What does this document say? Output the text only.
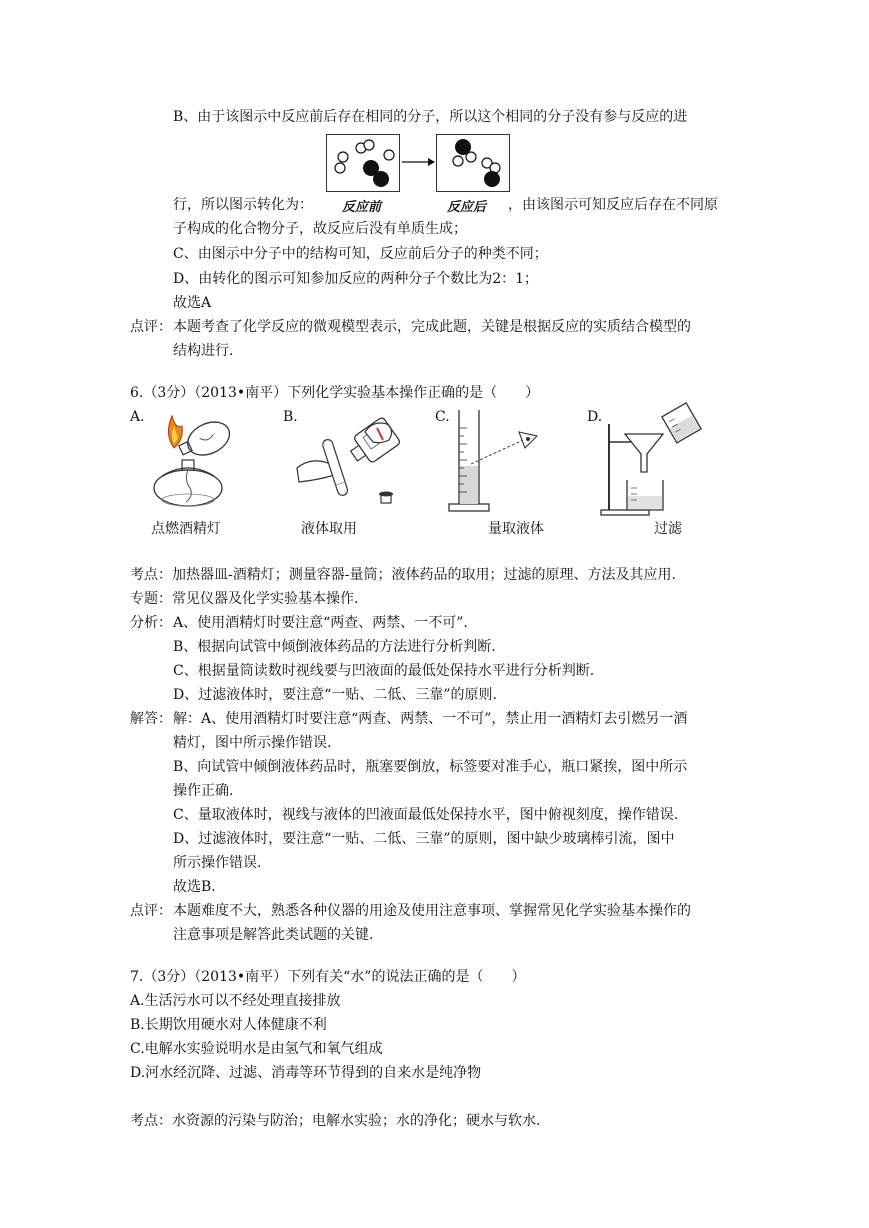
B、由于该图示中反应前后存在相同的分子，所以这个相同的分子没有参与反应的进
行，所以图示转化为： 反应前	反应后 ，由该图示可知反应后存在不同原
子构成的化合物分子，故反应后没有单质生成；
C、由图示中分子中的结构可知，反应前后分子的种类不同；
D、由转化的图示可知参加反应的两种分子个数比为2：1；
故选A
点评： 本题考查了化学反应的微观模型表示，完成此题，关键是根据反应的实质结合模型的
结构进行.
6.（3分）（2013•南平）下列化学实验基本操作正确的是（　　）
A.	B.	C.	D.
点燃酒精灯	液体取用	量取液体	过滤
考点：加热器皿-酒精灯；测量容器-量筒；液体药品的取用；过滤的原理、方法及其应用.
专题：常见仪器及化学实验基本操作.
分析： A、使用酒精灯时要注意“两查、两禁、一不可”.
B、根据向试管中倾倒液体药品的方法进行分析判断.
C、根据量筒读数时视线要与凹液面的最低处保持水平进行分析判断.
D、过滤液体时，要注意“一贴、二低、三靠”的原则.
解答： 解：A、使用酒精灯时要注意“两查、两禁、一不可”，禁止用一酒精灯去引燃另一酒
精灯，图中所示操作错误.
B、向试管中倾倒液体药品时，瓶塞要倒放，标签要对准手心，瓶口紧挨，图中所示
操作正确.
C、量取液体时，视线与液体的凹液面最低处保持水平，图中俯视刻度，操作错误.
D、过滤液体时，要注意“一贴、二低、三靠”的原则，图中缺少玻璃棒引流，图中
所示操作错误.
故选B.
点评： 本题难度不大，熟悉各种仪器的用途及使用注意事项、掌握常见化学实验基本操作的
注意事项是解答此类试题的关键.
7.（3分）（2013•南平）下列有关“水”的说法正确的是（　　）
A.生活污水可以不经处理直接排放
B.长期饮用硬水对人体健康不利
C.电解水实验说明水是由氢气和氧气组成
D.河水经沉降、过滤、消毒等环节得到的自来水是纯净物
考点：水资源的污染与防治；电解水实验；水的净化；硬水与软水.
